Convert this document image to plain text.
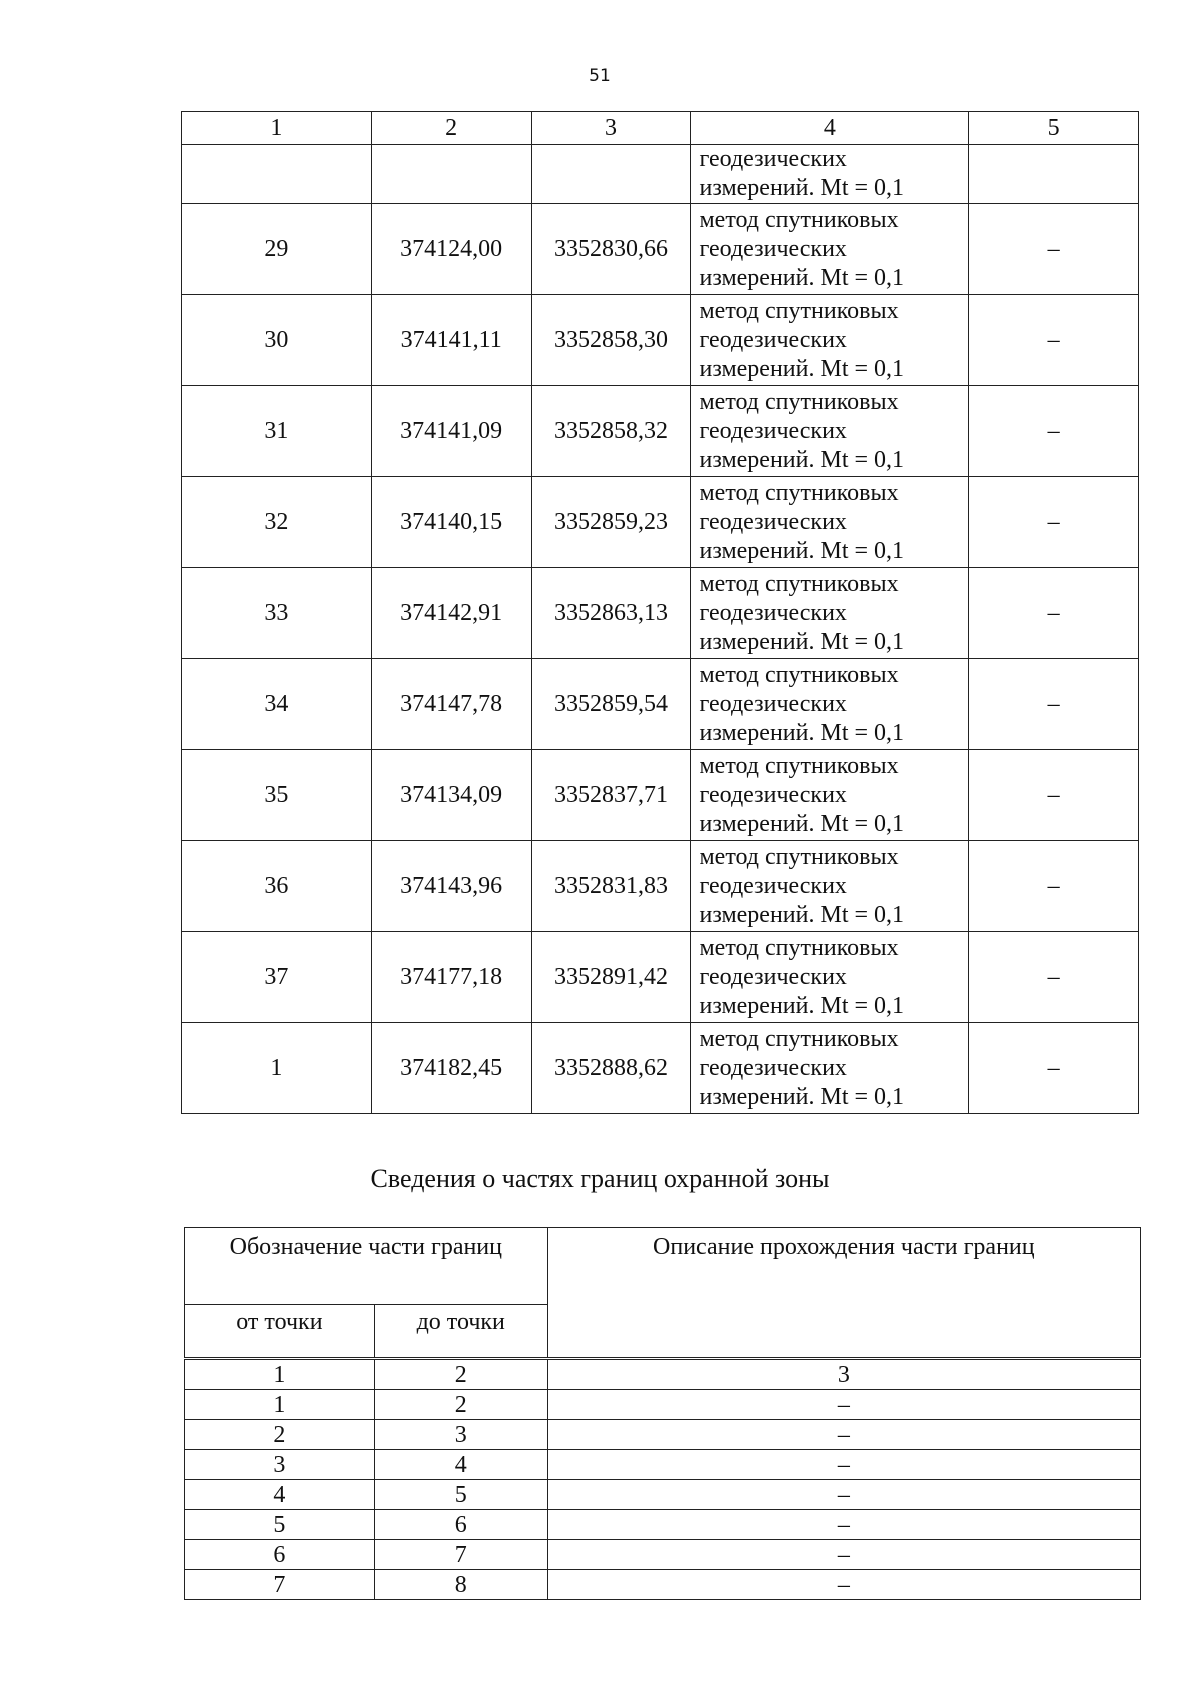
51
1	2	3	4	5

			геодезических
измерений. Mt = 0,1	

29	374124,00	3352830,66	метод спутниковых
геодезических
измерений. Mt = 0,1	–
30	374141,11	3352858,30	метод спутниковых
геодезических
измерений. Mt = 0,1	–
31	374141,09	3352858,32	метод спутниковых
геодезических
измерений. Mt = 0,1	–
32	374140,15	3352859,23	метод спутниковых
геодезических
измерений. Mt = 0,1	–
33	374142,91	3352863,13	метод спутниковых
геодезических
измерений. Mt = 0,1	–
34	374147,78	3352859,54	метод спутниковых
геодезических
измерений. Mt = 0,1	–
35	374134,09	3352837,71	метод спутниковых
геодезических
измерений. Mt = 0,1	–
36	374143,96	3352831,83	метод спутниковых
геодезических
измерений. Mt = 0,1	–
37	374177,18	3352891,42	метод спутниковых
геодезических
измерений. Mt = 0,1	–
1	374182,45	3352888,62	метод спутниковых
геодезических
измерений. Mt = 0,1	–
Сведения о частях границ охранной зоны
Обозначение части границ		Описание прохождения части границ
от точки	до точки	
1	2	3
1	2	–
2	3	–
3	4	–
4	5	–
5	6	–
6	7	–
7	8	–
